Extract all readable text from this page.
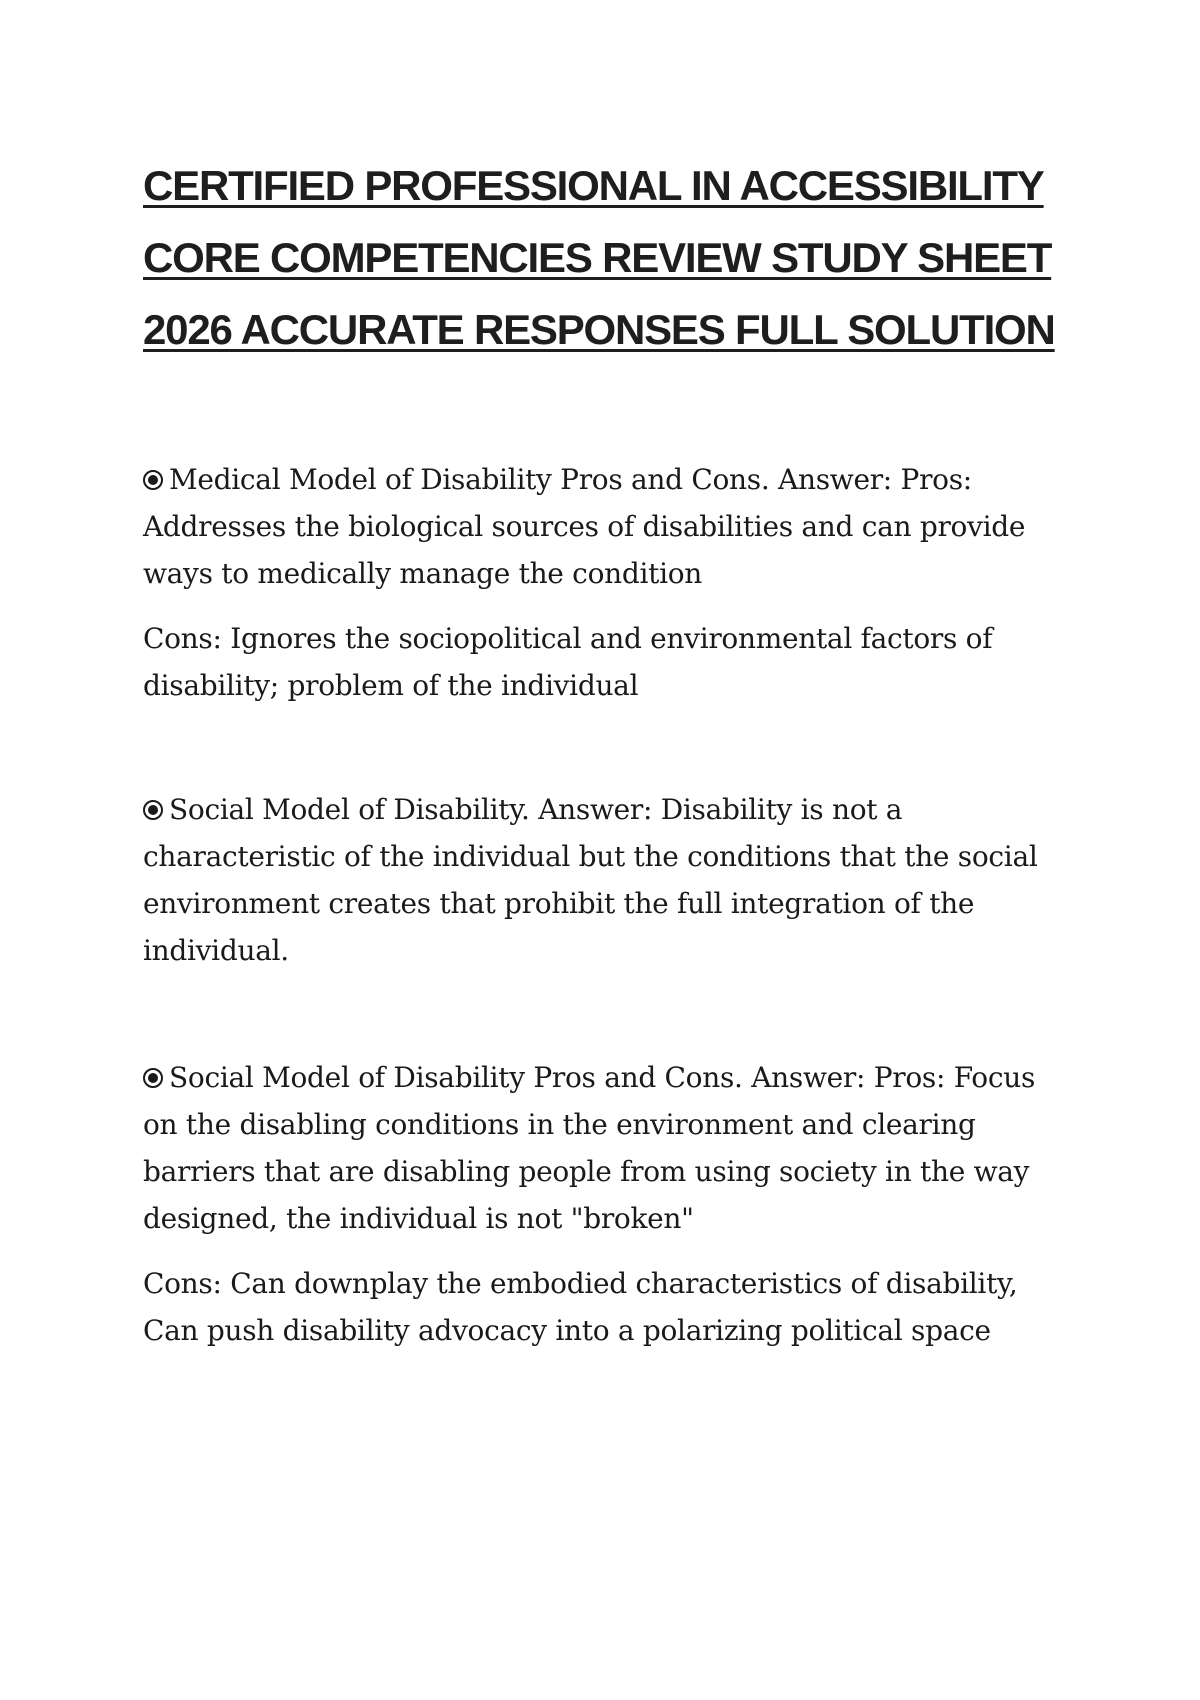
CERTIFIED PROFESSIONAL IN ACCESSIBILITY
CORE COMPETENCIES REVIEW STUDY SHEET
2026 ACCURATE RESPONSES FULL SOLUTION

Medical Model of Disability Pros and Cons. Answer: Pros: Addresses the biological sources of disabilities and can provide ways to medically manage the condition

Cons: Ignores the sociopolitical and environmental factors of disability; problem of the individual

Social Model of Disability. Answer: Disability is not a characteristic of the individual but the conditions that the social environment creates that prohibit the full integration of the individual.

Social Model of Disability Pros and Cons. Answer: Pros: Focus on the disabling conditions in the environment and clearing barriers that are disabling people from using society in the way designed, the individual is not "broken"

Cons: Can downplay the embodied characteristics of disability, Can push disability advocacy into a polarizing political space
